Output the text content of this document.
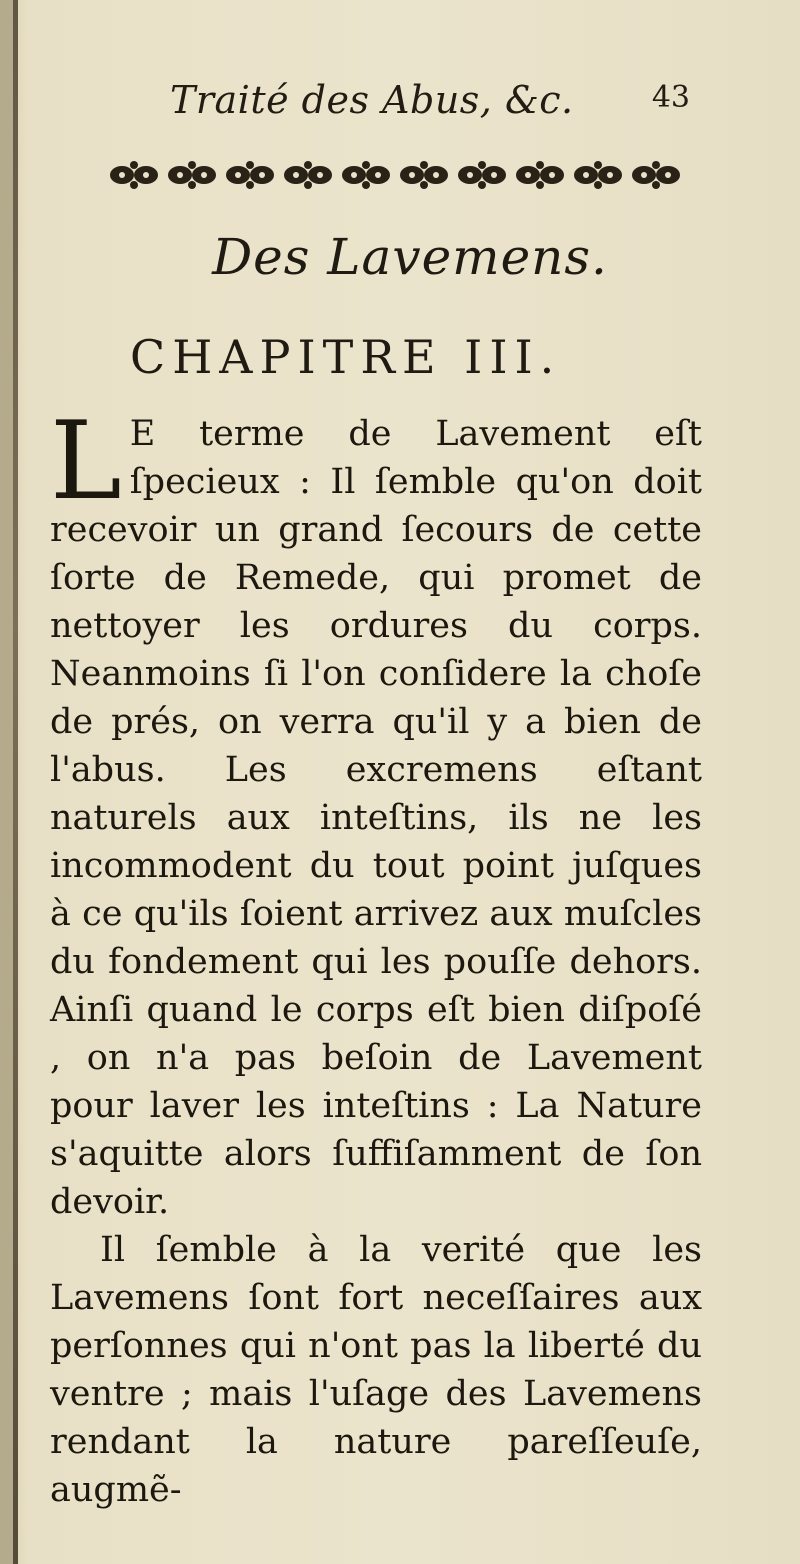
Traité des Abus, &c.	43
Des Lavemens.
CHAPITRE III.

LE terme de Lavement eſt ſpecieux : Il ſemble qu'on doit recevoir un grand ſecours de cette ſorte de Remede, qui promet de nettoyer les ordures du corps. Neanmoins ſi l'on conſidere la choſe de prés, on verra qu'il y a bien de l'abus. Les excremens eſtant naturels aux inteſtins, ils ne les incommodent du tout point juſques à ce qu'ils ſoient arrivez aux muſcles du fondement qui les pouſſe dehors. Ainſi quand le corps eſt bien diſpoſé , on n'a pas beſoin de Lavement pour laver les inteſtins : La Nature s'aquitte alors ſuffiſamment de ſon devoir.

Il ſemble à la verité que les Lavemens ſont fort neceſſaires aux perſonnes qui n'ont pas la liberté du ventre ; mais l'uſage des Lavemens rendant la nature pareſſeuſe, augmẽ-
